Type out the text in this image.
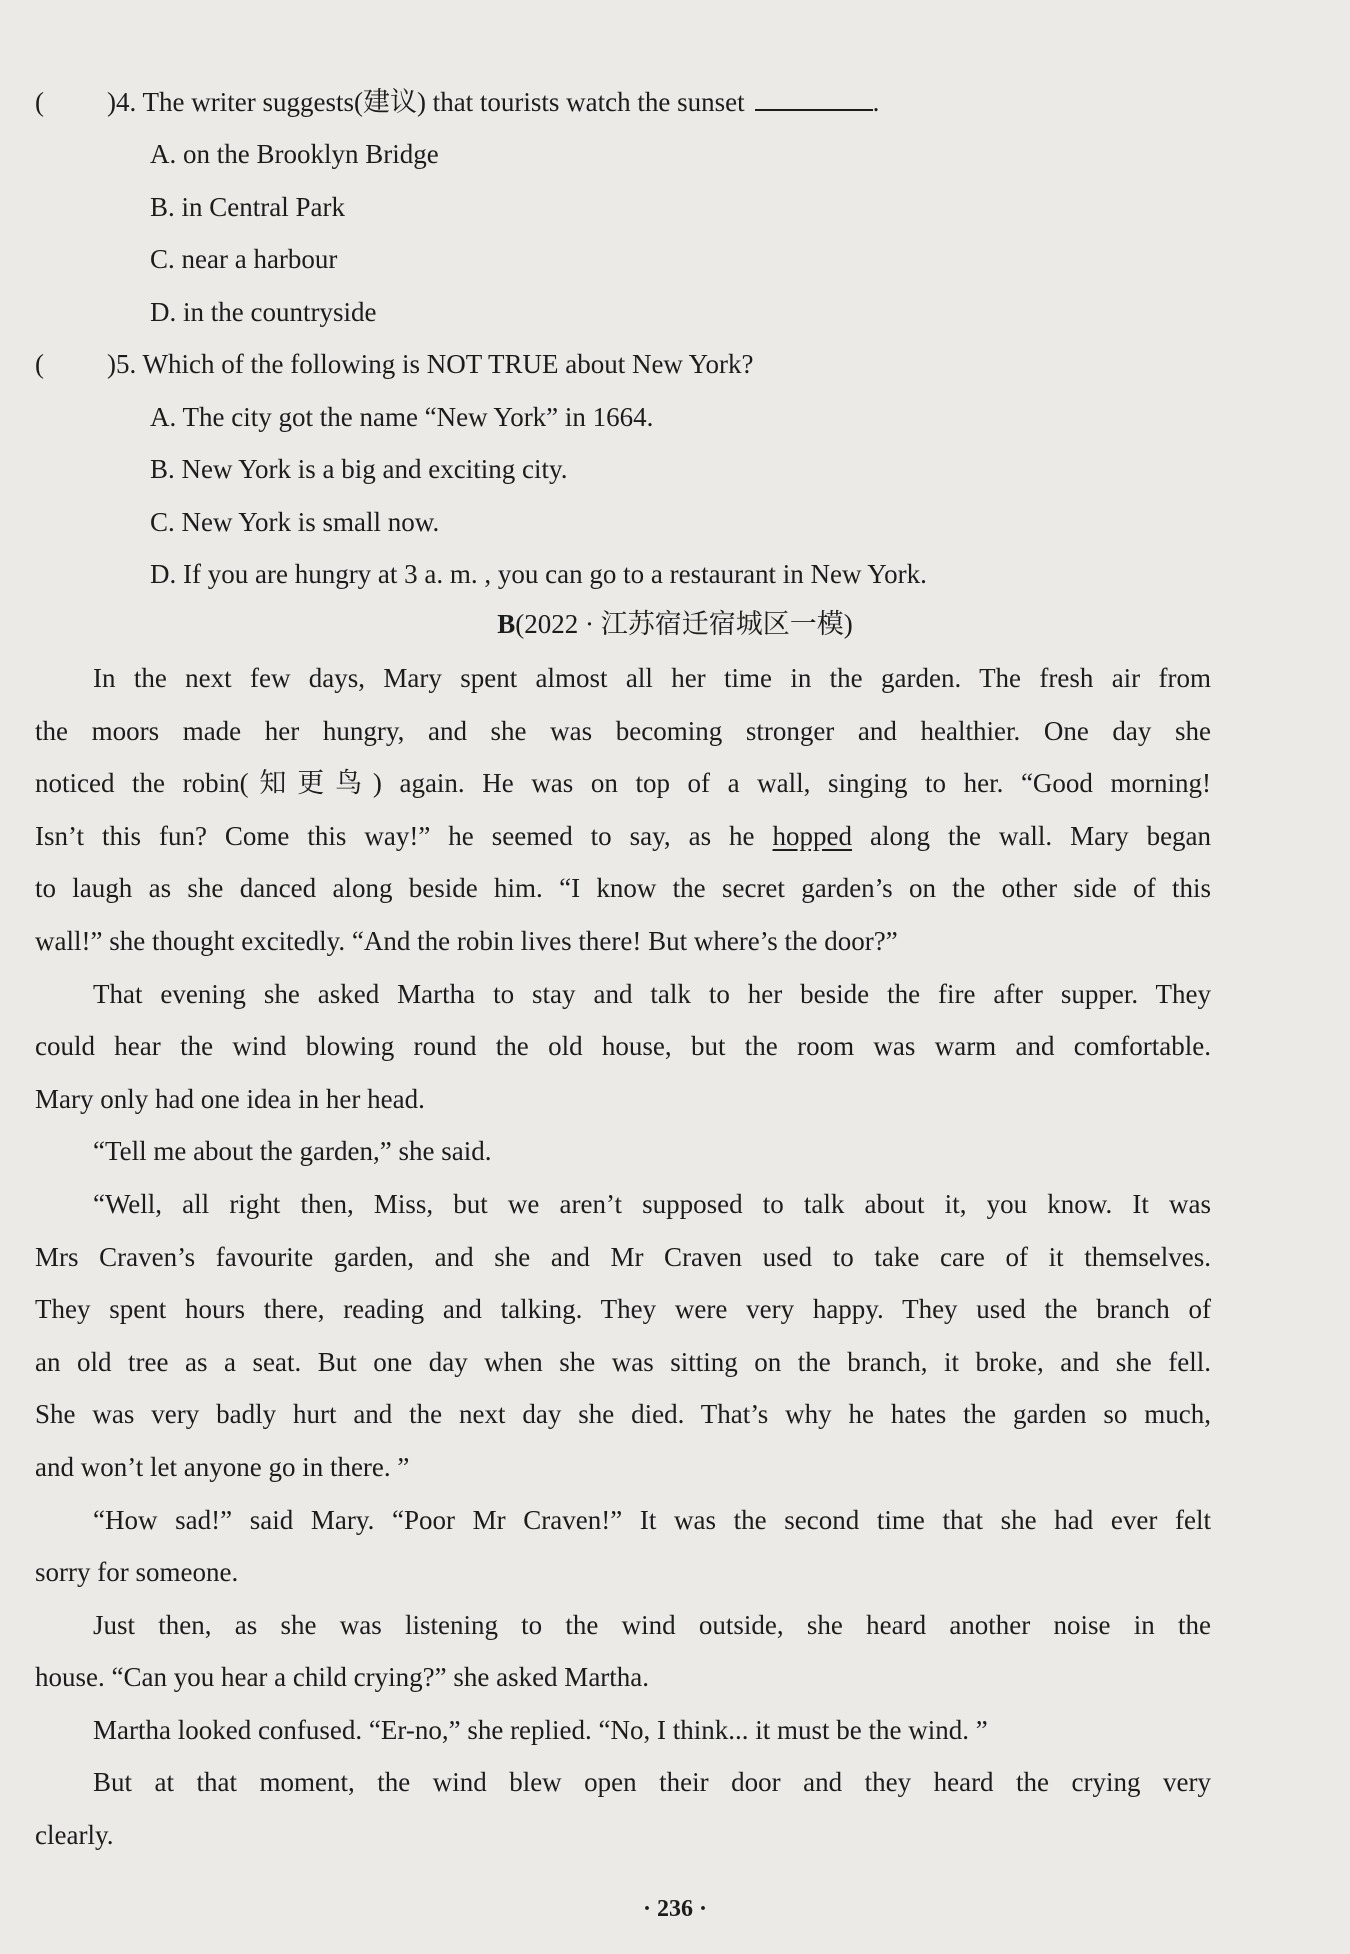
( )4. The writer suggests(建议) that tourists watch the sunset	.
A. on the Brooklyn Bridge
B. in Central Park
C. near a harbour
D. in the countryside
( )5. Which of the following is NOT TRUE about New York?
A. The city got the name “New York” in 1664.
B. New York is a big and exciting city.
C. New York is small now.
D. If you are hungry at 3 a. m. , you can go to a restaurant in New York.
B(2022 · 江苏宿迁宿城区一模)
In the next few days, Mary spent almost all her time in the garden. The fresh air from
the moors made her hungry, and she was becoming stronger and healthier. One day she
noticed the robin(知更鸟) again. He was on top of a wall, singing to her. “Good morning!
Isn’t this fun? Come this way!” he seemed to say, as he hopped along the wall. Mary began
to laugh as she danced along beside him. “I know the secret garden’s on the other side of this
wall!” she thought excitedly. “And the robin lives there! But where’s the door?”
That evening she asked Martha to stay and talk to her beside the fire after supper. They
could hear the wind blowing round the old house, but the room was warm and comfortable.
Mary only had one idea in her head.
“Tell me about the garden,” she said.
“Well, all right then, Miss, but we aren’t supposed to talk about it, you know. It was
Mrs Craven’s favourite garden, and she and Mr Craven used to take care of it themselves.
They spent hours there, reading and talking. They were very happy. They used the branch of
an old tree as a seat. But one day when she was sitting on the branch, it broke, and she fell.
She was very badly hurt and the next day she died. That’s why he hates the garden so much,
and won’t let anyone go in there. ”
“How sad!” said Mary. “Poor Mr Craven!” It was the second time that she had ever felt
sorry for someone.
Just then, as she was listening to the wind outside, she heard another noise in the
house. “Can you hear a child crying?” she asked Martha.
Martha looked confused. “Er-no,” she replied. “No, I think... it must be the wind. ”
But at that moment, the wind blew open their door and they heard the crying very
clearly.
· 236 ·
